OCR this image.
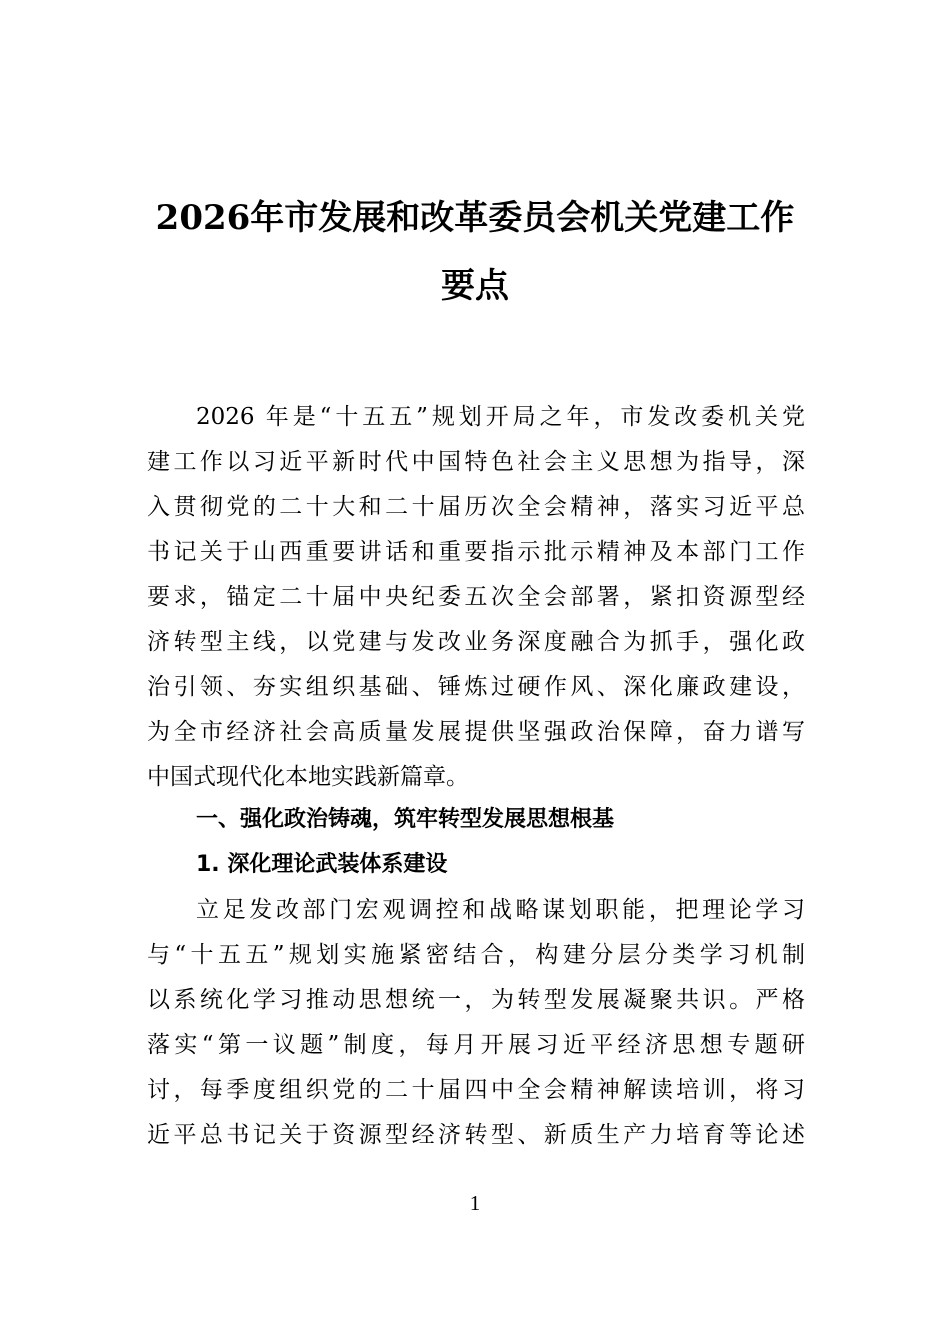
2026年市发展和改革委员会机关党建工作
要点
2026 年是“十五五”规划开局之年，市发改委机关党
建工作以习近平新时代中国特色社会主义思想为指导，深
入贯彻党的二十大和二十届历次全会精神，落实习近平总
书记关于山西重要讲话和重要指示批示精神及本部门工作
要求，锚定二十届中央纪委五次全会部署，紧扣资源型经
济转型主线，以党建与发改业务深度融合为抓手，强化政
治引领、夯实组织基础、锤炼过硬作风、深化廉政建设，
为全市经济社会高质量发展提供坚强政治保障，奋力谱写
中国式现代化本地实践新篇章。
一、强化政治铸魂，筑牢转型发展思想根基
1. 深化理论武装体系建设
立足发改部门宏观调控和战略谋划职能，把理论学习
与“十五五”规划实施紧密结合，构建分层分类学习机制
以系统化学习推动思想统一，为转型发展凝聚共识。严格
落实“第一议题”制度，每月开展习近平经济思想专题研
讨，每季度组织党的二十届四中全会精神解读培训，将习
近平总书记关于资源型经济转型、新质生产力培育等论述
1
